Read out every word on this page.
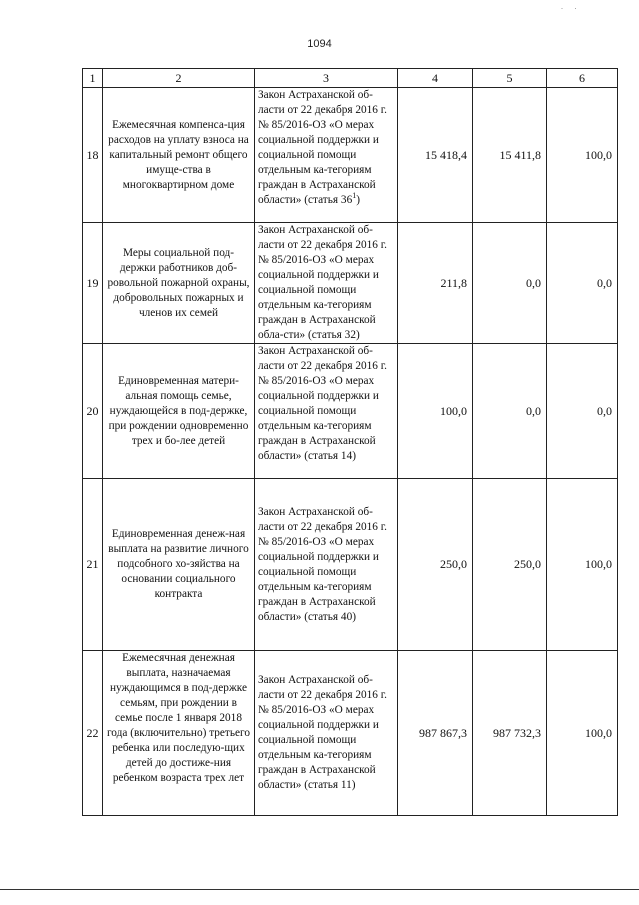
· ·
1094
1	2	3	4	5	6
18	Ежемесячная компенса-ция расходов на уплату взноса на капитальный ремонт общего имуще-ства в многоквартирном доме	Закон Астраханской об-ласти от 22 декабря 2016 г. № 85/2016-ОЗ «О мерах социальной поддержки и социальной помощи отдельным ка-тегориям граждан в Астраханской области» (статья $36^1$)	15 418,4	15 411,8	100,0
19	Меры социальной под-держки работников доб-ровольной пожарной охраны, добровольных пожарных и членов их семей	Закон Астраханской об-ласти от 22 декабря 2016 г. № 85/2016-ОЗ «О мерах социальной поддержки и социальной помощи отдельным ка-тегориям граждан в Астраханской обла-сти» (статья 32)	211,8	0,0	0,0
20	Единовременная матери-альная помощь семье, нуждающейся в под-держке, при рождении одновременно трех и бо-лее детей	Закон Астраханской об-ласти от 22 декабря 2016 г. № 85/2016-ОЗ «О мерах социальной поддержки и социальной помощи отдельным ка-тегориям граждан в Астраханской области» (статья 14)	100,0	0,0	0,0
21	Единовременная денеж-ная выплата на развитие личного подсобного хо-зяйства на основании социального контракта	Закон Астраханской об-ласти от 22 декабря 2016 г. № 85/2016-ОЗ «О мерах социальной поддержки и социальной помощи отдельным ка-тегориям граждан в Астраханской области» (статья 40)	250,0	250,0	100,0
22	Ежемесячная денежная выплата, назначаемая нуждающимся в под-держке семьям, при рождении в семье после 1 января 2018 года (включительно) третьего ребенка или последую-щих детей до достиже-ния ребенком возраста трех лет	Закон Астраханской об-ласти от 22 декабря 2016 г. № 85/2016-ОЗ «О мерах социальной поддержки и социальной помощи отдельным ка-тегориям граждан в Астраханской области» (статья 11)	987 867,3	987 732,3	100,0
